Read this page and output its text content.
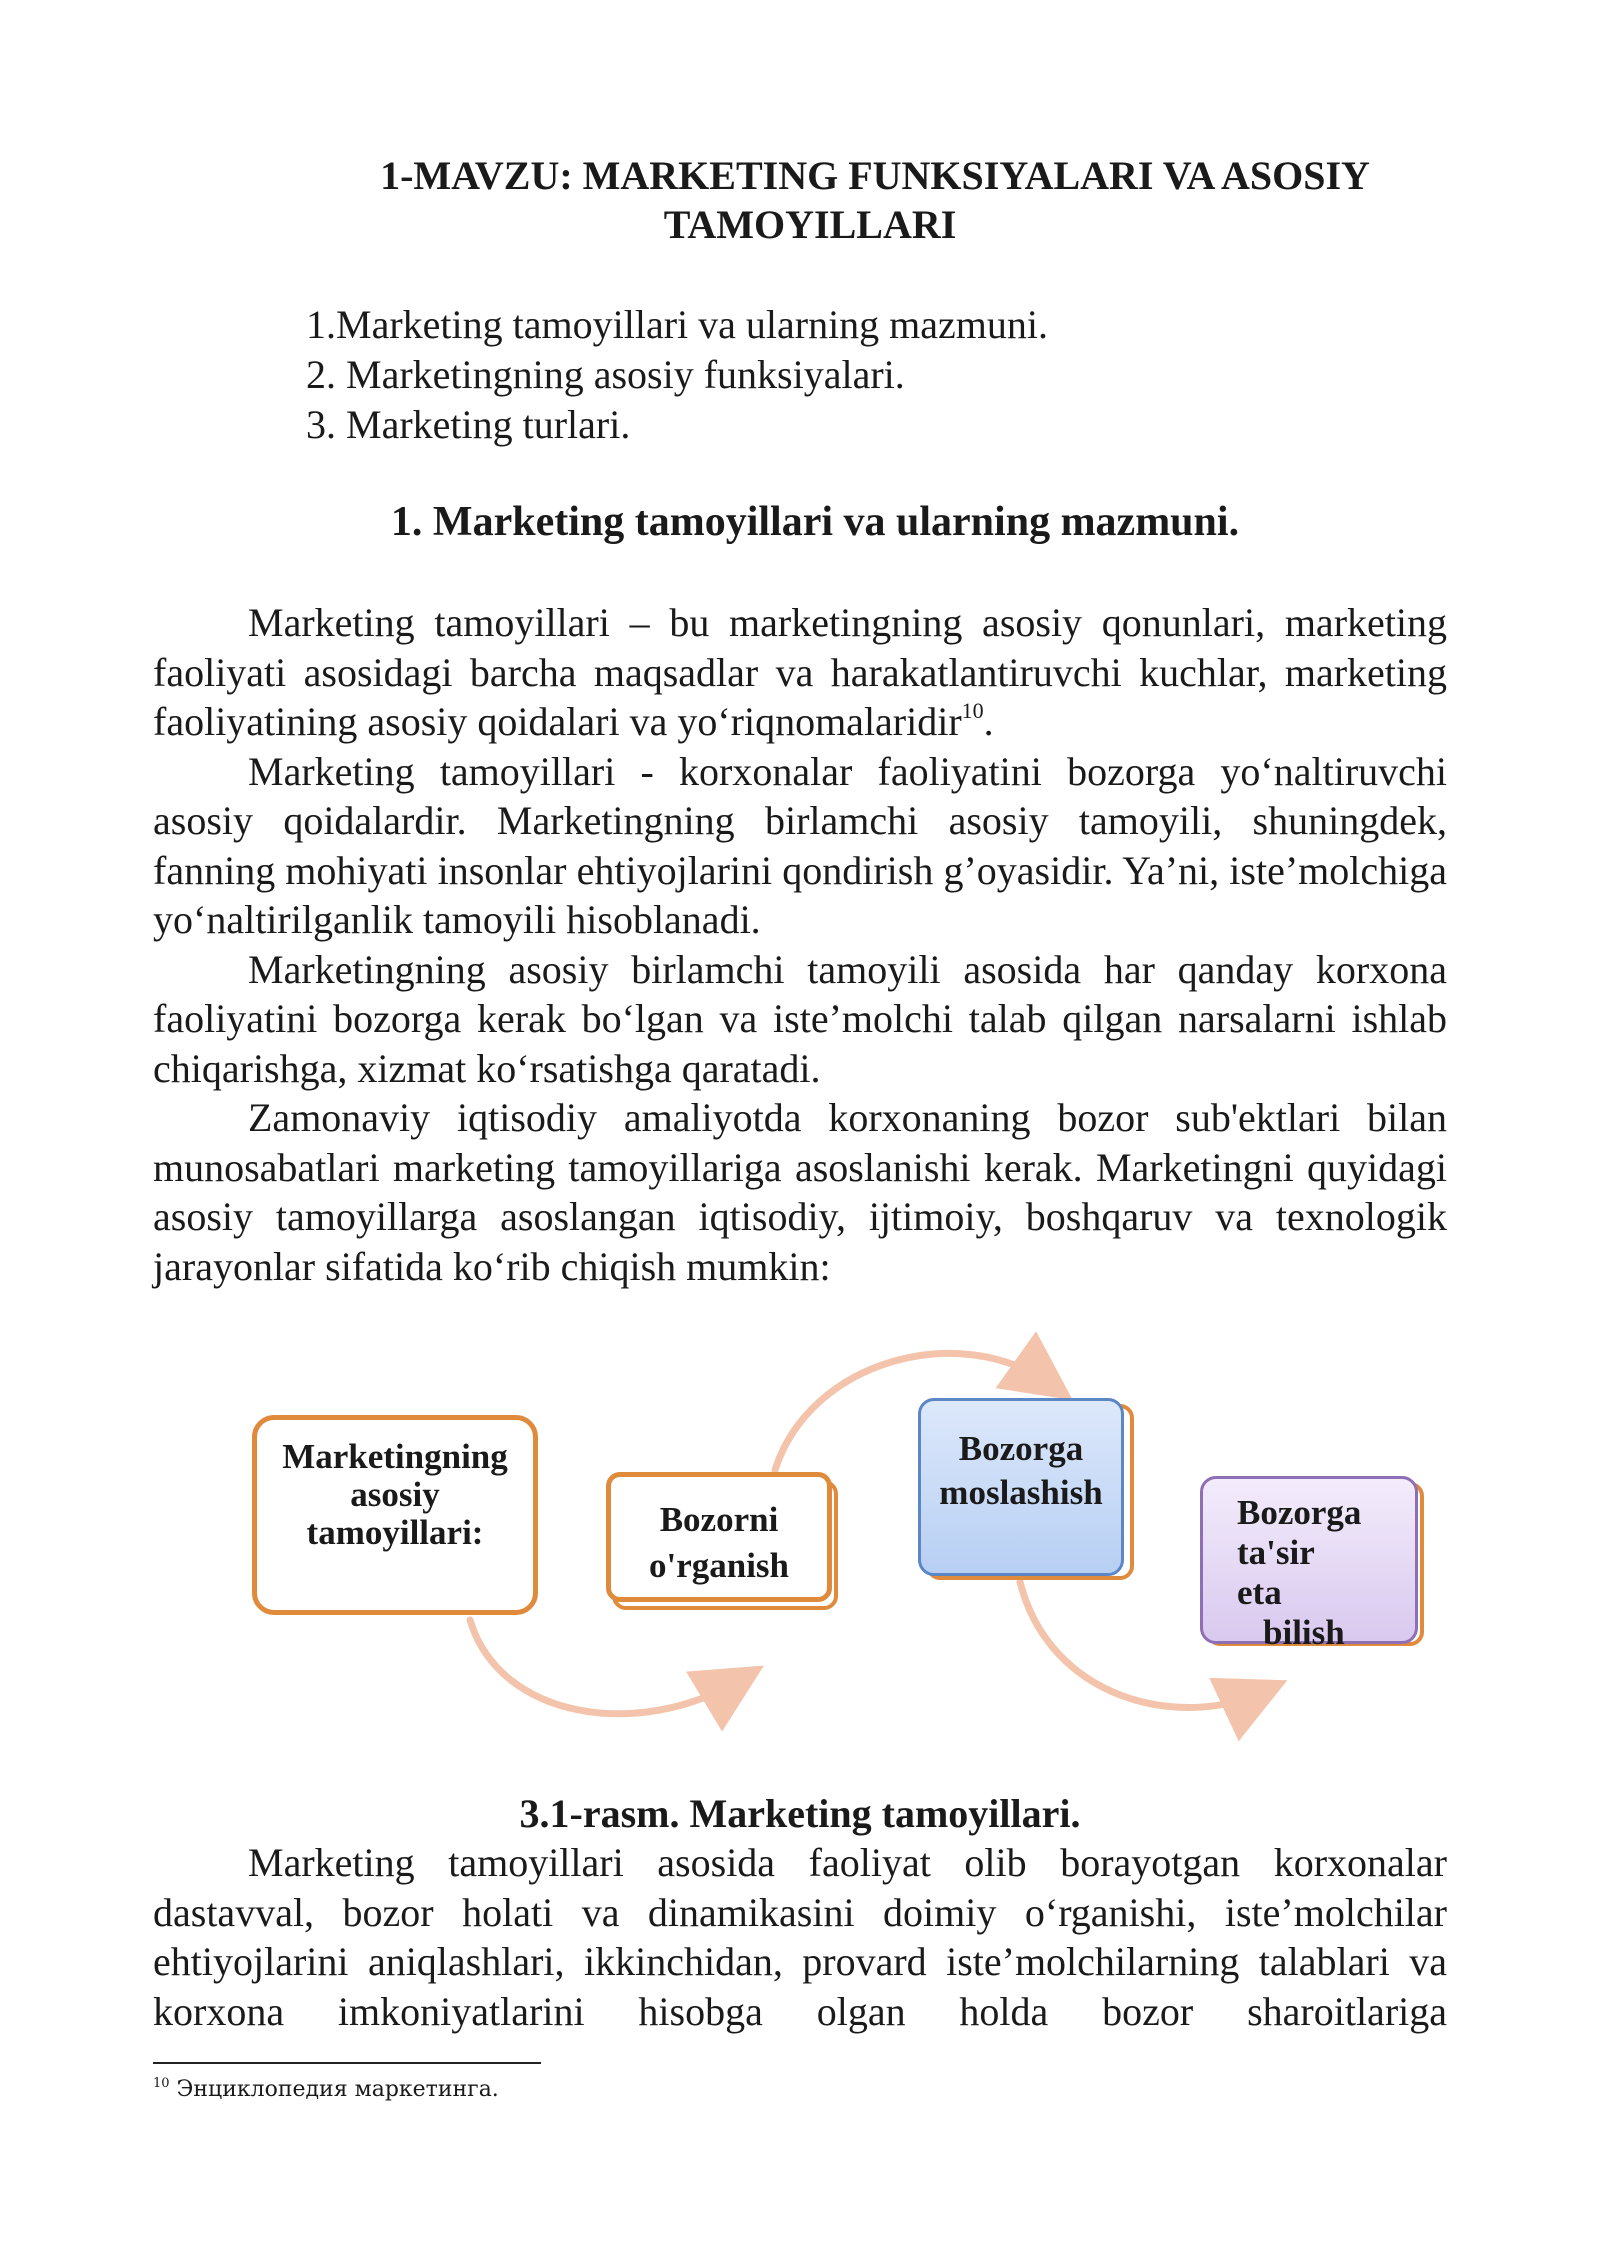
1-MAVZU: MARKETING FUNKSIYALARI VA ASOSIY
TAMOYILLARI
1.Marketing tamoyillari va ularning mazmuni.
2. Marketingning asosiy funksiyalari.
3. Marketing turlari.
1. Marketing tamoyillari va ularning mazmuni.

Marketing tamoyillari – bu marketingning asosiy qonunlari, marketing faoliyati asosidagi barcha maqsadlar va harakatlantiruvchi kuchlar, marketing faoliyatining asosiy qoidalari va yoʻriqnomalaridir$^{10}$.

Marketing tamoyillari - korxonalar faoliyatini bozorga yoʻnaltiruvchi asosiy qoidalardir. Marketingning birlamchi asosiy tamoyili, shuningdek, fanning mohiyati insonlar ehtiyojlarini qondirish g’oyasidir. Ya’ni, iste’molchiga yoʻnaltirilganlik tamoyili hisoblanadi.

Marketingning asosiy birlamchi tamoyili asosida har qanday korxona faoliyatini bozorga kerak boʻlgan va iste’molchi talab qilgan narsalarni ishlab chiqarishga, xizmat koʻrsatishga qaratadi.

Zamonaviy iqtisodiy amaliyotda korxonaning bozor sub'ektlari bilan munosabatlari marketing tamoyillariga asoslanishi kerak. Marketingni quyidagi asosiy tamoyillarga asoslangan iqtisodiy, ijtimoiy, boshqaruv va texnologik jarayonlar sifatida koʻrib chiqish mumkin:

Marketingning
asosiy
tamoyillari:	Bozorni
o'rganish
Bozorga
moslashish
Bozorga
ta'sir
eta
bilish
3.1-rasm. Marketing tamoyillari.

Marketing tamoyillari asosida faoliyat olib borayotgan korxonalar dastavval, bozor holati va dinamikasini doimiy oʻrganishi, iste’molchilar ehtiyojlarini aniqlashlari, ikkinchidan, provard iste’molchilarning talablari va korxona imkoniyatlarini hisobga olgan holda bozor sharoitlariga

$^{10}$ Энциклопедия маркетинга.
